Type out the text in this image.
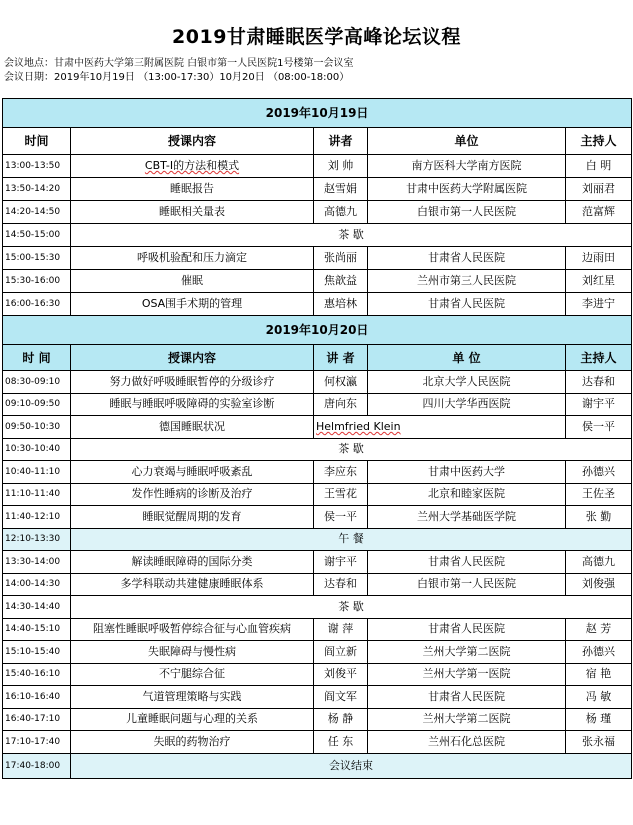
2019甘肃睡眠医学高峰论坛议程
会议地点：甘肃中医药大学第三附属医院 白银市第一人民医院1号楼第一会议室
会议日期：2019年10月19日 （13:00-17:30）10月20日 （08:00-18:00）
2019年10月19日				
时间	授课内容	讲者	单位	主持人
13:00-13:50	CBT-I的方法和模式	刘 帅	南方医科大学南方医院	白 明
13:50-14:20	睡眠报告	赵雪娟	甘肃中医药大学附属医院	刘丽君
14:20-14:50	睡眠相关量表	高德九	白银市第一人民医院	范富辉
14:50-15:00	茶 歇			
15:00-15:30	呼吸机验配和压力滴定	张尚丽	甘肃省人民医院	边雨田
15:30-16:00	催眠	焦歆益	兰州市第三人民医院	刘红星
16:00-16:30	OSA围手术期的管理	惠培林	甘肃省人民医院	李进宁
2019年10月20日				
时 间	授课内容	讲 者	单 位	主持人
08:30-09:10	努力做好呼吸睡眠暂停的分级诊疗	何权瀛	北京大学人民医院	达春和
09:10-09:50	睡眠与睡眠呼吸障碍的实验室诊断	唐向东	四川大学华西医院	谢宇平
09:50-10:30	德国睡眠状况	Helmfried Klein		侯一平
10:30-10:40	茶 歇			
10:40-11:10	心力衰竭与睡眠呼吸紊乱	李应东	甘肃中医药大学	孙德兴
11:10-11:40	发作性睡病的诊断及治疗	王雪花	北京和睦家医院	王佐圣
11:40-12:10	睡眠觉醒周期的发育	侯一平	兰州大学基础医学院	张 勤
12:10-13:30	午 餐			
13:30-14:00	解读睡眠障碍的国际分类	谢宇平	甘肃省人民医院	高德九
14:00-14:30	多学科联动共建健康睡眠体系	达春和	白银市第一人民医院	刘俊强
14:30-14:40	茶 歇			
14:40-15:10	阻塞性睡眠呼吸暂停综合征与心血管疾病	谢 萍	甘肃省人民医院	赵 芳
15:10-15:40	失眠障碍与慢性病	阎立新	兰州大学第二医院	孙德兴
15:40-16:10	不宁腿综合征	刘俊平	兰州大学第一医院	宿 艳
16:10-16:40	气道管理策略与实践	阎文军	甘肃省人民医院	冯 敏
16:40-17:10	儿童睡眠问题与心理的关系	杨 静	兰州大学第二医院	杨 瑾
17:10-17:40	失眠的药物治疗	任 东	兰州石化总医院	张永福
17:40-18:00	会议结束			
